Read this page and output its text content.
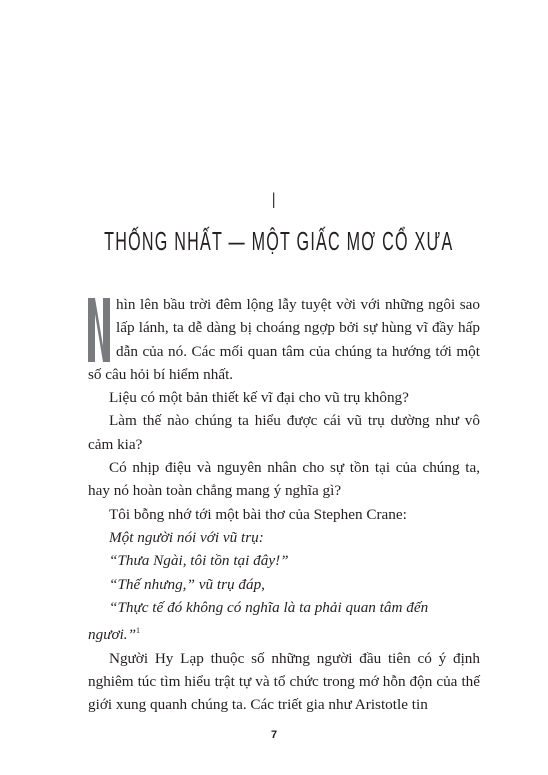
I
THỐNG NHẤT — MỘT GIẤC MƠ CỔ XƯA

hìn lên bầu trời đêm lộng lẫy tuyệt vời với những ngôi sao lấp lánh, ta dễ dàng bị choáng ngợp bởi sự hùng vĩ đầy hấp dẫn của nó. Các mối quan tâm của chúng ta hướng tới một số câu hỏi bí hiểm nhất.

Liệu có một bản thiết kế vĩ đại cho vũ trụ không?

Làm thế nào chúng ta hiểu được cái vũ trụ dường như vô cảm kia?

Có nhịp điệu và nguyên nhân cho sự tồn tại của chúng ta, hay nó hoàn toàn chẳng mang ý nghĩa gì?

Tôi bỗng nhớ tới một bài thơ của Stephen Crane:

Một người nói với vũ trụ:

“Thưa Ngài, tôi tồn tại đây!”

“Thế nhưng,” vũ trụ đáp,

“Thực tế đó không có nghĩa là ta phải quan tâm đến ngươi.”$^1$

Người Hy Lạp thuộc số những người đầu tiên có ý định nghiêm túc tìm hiểu trật tự và tổ chức trong mớ hỗn độn của thế giới xung quanh chúng ta. Các triết gia như Aristotle tin

7
